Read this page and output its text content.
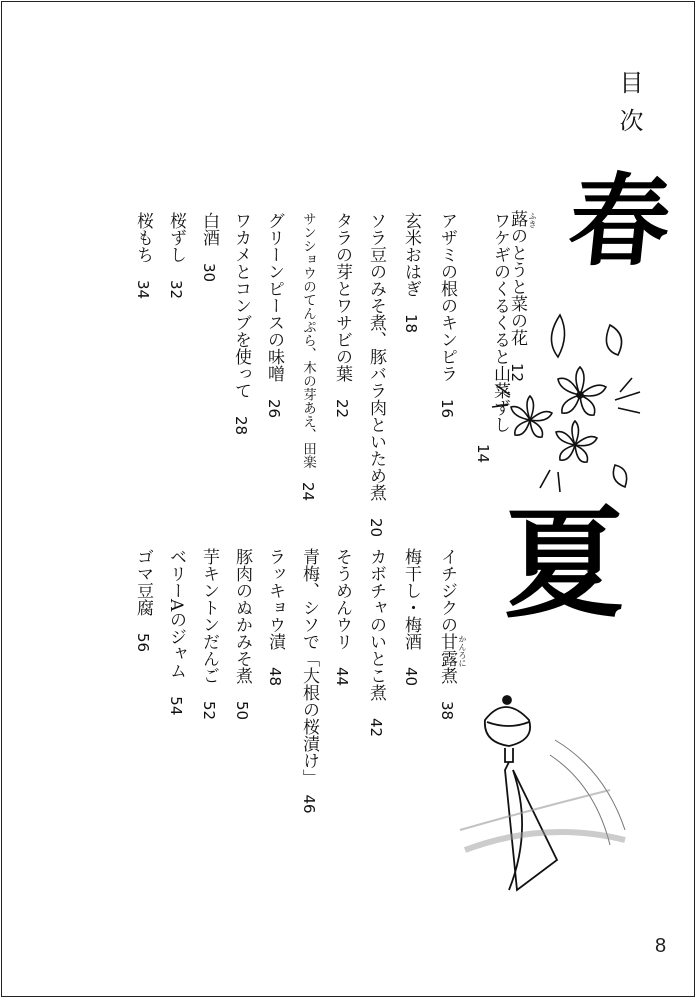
目次
春
蕗のとうと菜の花　12
ふき
ワケギのくるくると山菜ずし
14
アザミの根のキンピラ　16
玄米おはぎ　18
ソラ豆のみそ煮、豚バラ肉といため煮　20
タラの芽とワサビの葉　22
サンショウのてんぷら、木の芽あえ、田楽　24
グリーンピースの味噌　26
ワカメとコンブを使って　28
白酒　30
桜ずし　32
桜もち　34
夏
イチジクの甘露煮　38
かんろに
梅干し・梅酒　40
カボチャのいとこ煮　42
そうめんウリ　44
青梅、シソで「大根の桜漬け」　46
ラッキョウ漬　48
豚肉のぬかみそ煮　50
芋キントンだんご　52
ベリーAのジャム　54
ゴマ豆腐　56
8
